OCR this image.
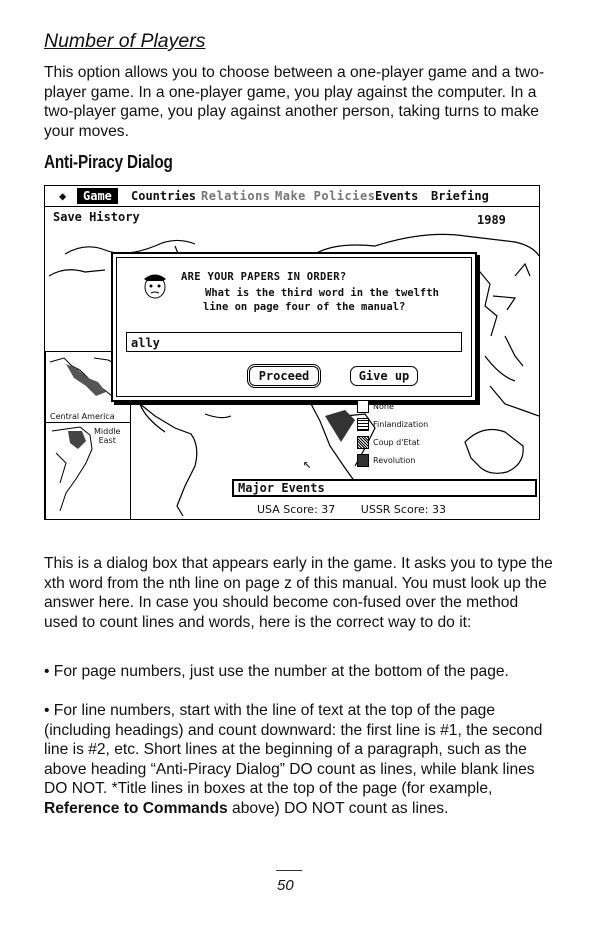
Number of Players

This option allows you to choose between a one-player game and a two-player game. In a one-player game, you play against the computer. In a two-player game, you play against another person, taking turns to make your moves.

Anti-Piracy Dialog
◆	Game	Countries Relations Make Policies Events Briefing
Save History	1989
Central America
Middle
East
ARE YOUR PAPERS IN ORDER?
What is the third word in the twelfth
line on page four of the manual?
ally
Proceed	Give up
None
Finlandization
Coup d'Etat
Revolution
↖
Major Events
USA Score: 37 USSR Score: 33

This is a dialog box that appears early in the game. It asks you to type the xth word from the nth line on page z of this manual. You must look up the answer here. In case you should become con-fused over the method used to count lines and words, here is the correct way to do it:

• For page numbers, just use the number at the bottom of the page.

• For line numbers, start with the line of text at the top of the page (including headings) and count downward: the first line is #1, the second line is #2, etc. Short lines at the beginning of a paragraph, such as the above heading “Anti-Piracy Dialog” DO count as lines, while blank lines DO NOT. *Title lines in boxes at the top of the page (for example, Reference to Commands above) DO NOT count as lines.

50
